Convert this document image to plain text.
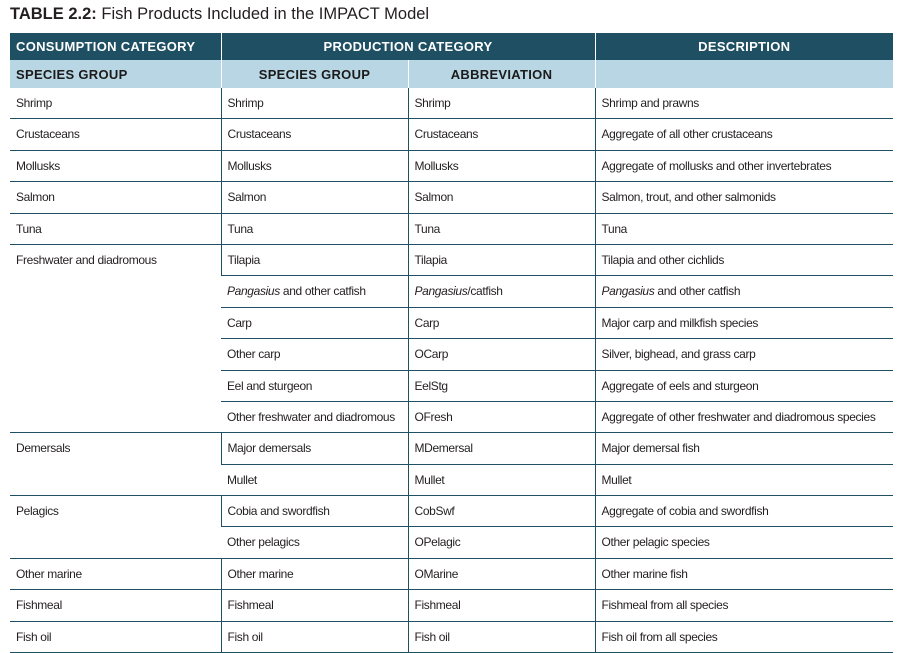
TABLE 2.2: Fish Products Included in the IMPACT Model
CONSUMPTION CATEGORY	PRODUCTION CATEGORY		DESCRIPTION
SPECIES GROUP	SPECIES GROUP	ABBREVIATION	

Shrimp	Shrimp	Shrimp	Shrimp and prawns

Crustaceans	Crustaceans	Crustaceans	Aggregate of all other crustaceans

Mollusks	Mollusks	Mollusks	Aggregate of mollusks and other invertebrates

Salmon	Salmon	Salmon	Salmon, trout, and other salmonids

Tuna	Tuna	Tuna	Tuna

Freshwater and diadromous	Tilapia	Tilapia	Tilapia and other cichlids

	Pangasius and other catfish	Pangasius/catfish	Pangasius and other catfish

	Carp	Carp	Major carp and milkfish species

	Other carp	OCarp	Silver, bighead, and grass carp

	Eel and sturgeon	EelStg	Aggregate of eels and sturgeon

	Other freshwater and diadromous	OFresh	Aggregate of other freshwater and diadromous species

Demersals	Major demersals	MDemersal	Major demersal fish

	Mullet	Mullet	Mullet

Pelagics	Cobia and swordfish	CobSwf	Aggregate of cobia and swordfish

	Other pelagics	OPelagic	Other pelagic species

Other marine	Other marine	OMarine	Other marine fish

Fishmeal	Fishmeal	Fishmeal	Fishmeal from all species

Fish oil	Fish oil	Fish oil	Fish oil from all species
